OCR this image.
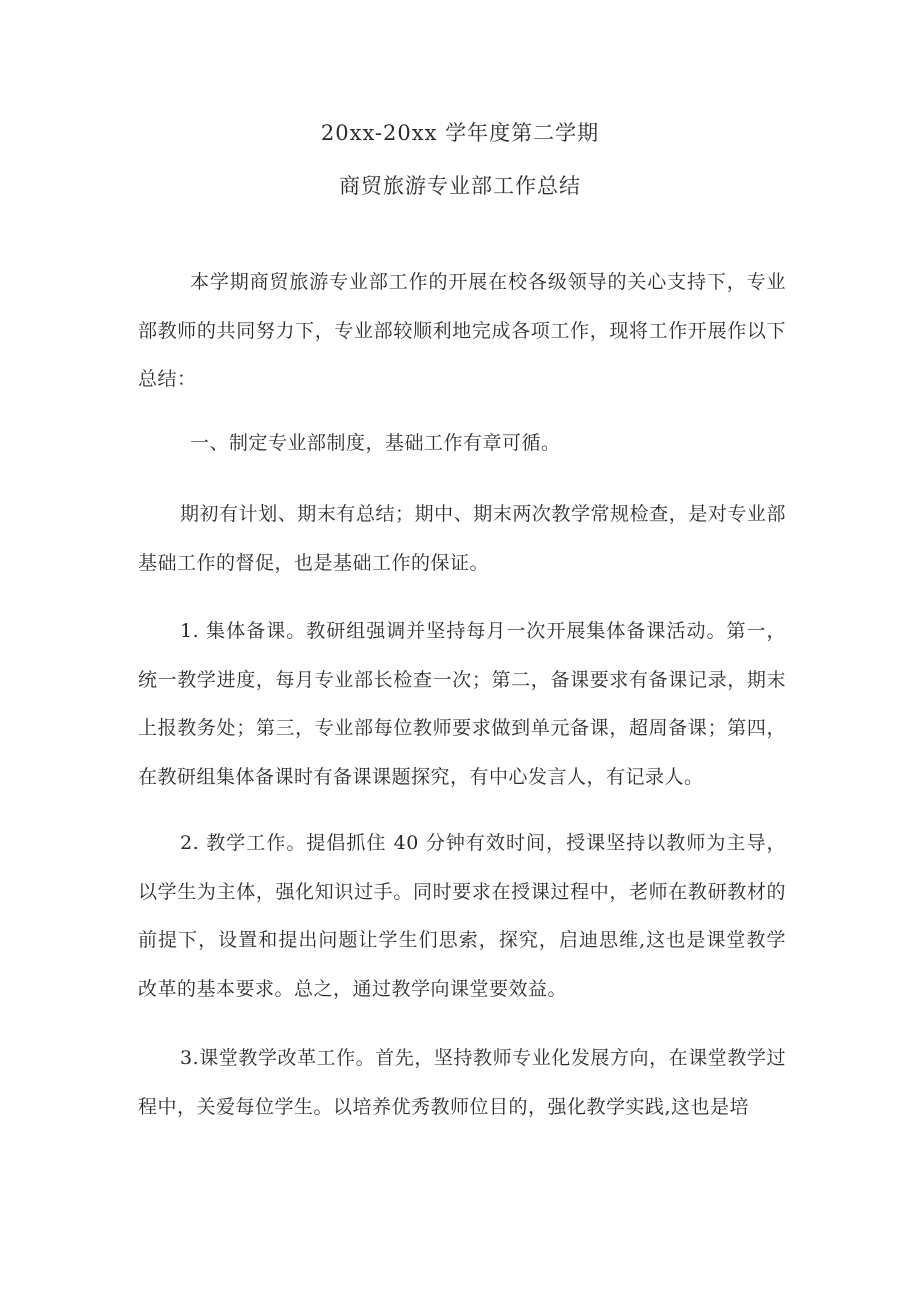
20xx-20xx 学年度第二学期
商贸旅游专业部工作总结
本学期商贸旅游专业部工作的开展在校各级领导的关心支持下，专业部教师的共同努力下，专业部较顺利地完成各项工作，现将工作开展作以下总结：
一、制定专业部制度，基础工作有章可循。
期初有计划、期末有总结；期中、期末两次教学常规检查，是对专业部基础工作的督促，也是基础工作的保证。
1. 集体备课。教研组强调并坚持每月一次开展集体备课活动。第一，统一教学进度，每月专业部长检查一次；第二，备课要求有备课记录，期末上报教务处；第三，专业部每位教师要求做到单元备课，超周备课；第四，在教研组集体备课时有备课课题探究，有中心发言人，有记录人。
2. 教学工作。提倡抓住 40 分钟有效时间，授课坚持以教师为主导，以学生为主体，强化知识过手。同时要求在授课过程中，老师在教研教材的前提下，设置和提出问题让学生们思索，探究，启迪思维,这也是课堂教学改革的基本要求。总之，通过教学向课堂要效益。
3.课堂教学改革工作。首先，坚持教师专业化发展方向，在课堂教学过程中，关爱每位学生。以培养优秀教师位目的，强化教学实践,这也是培
